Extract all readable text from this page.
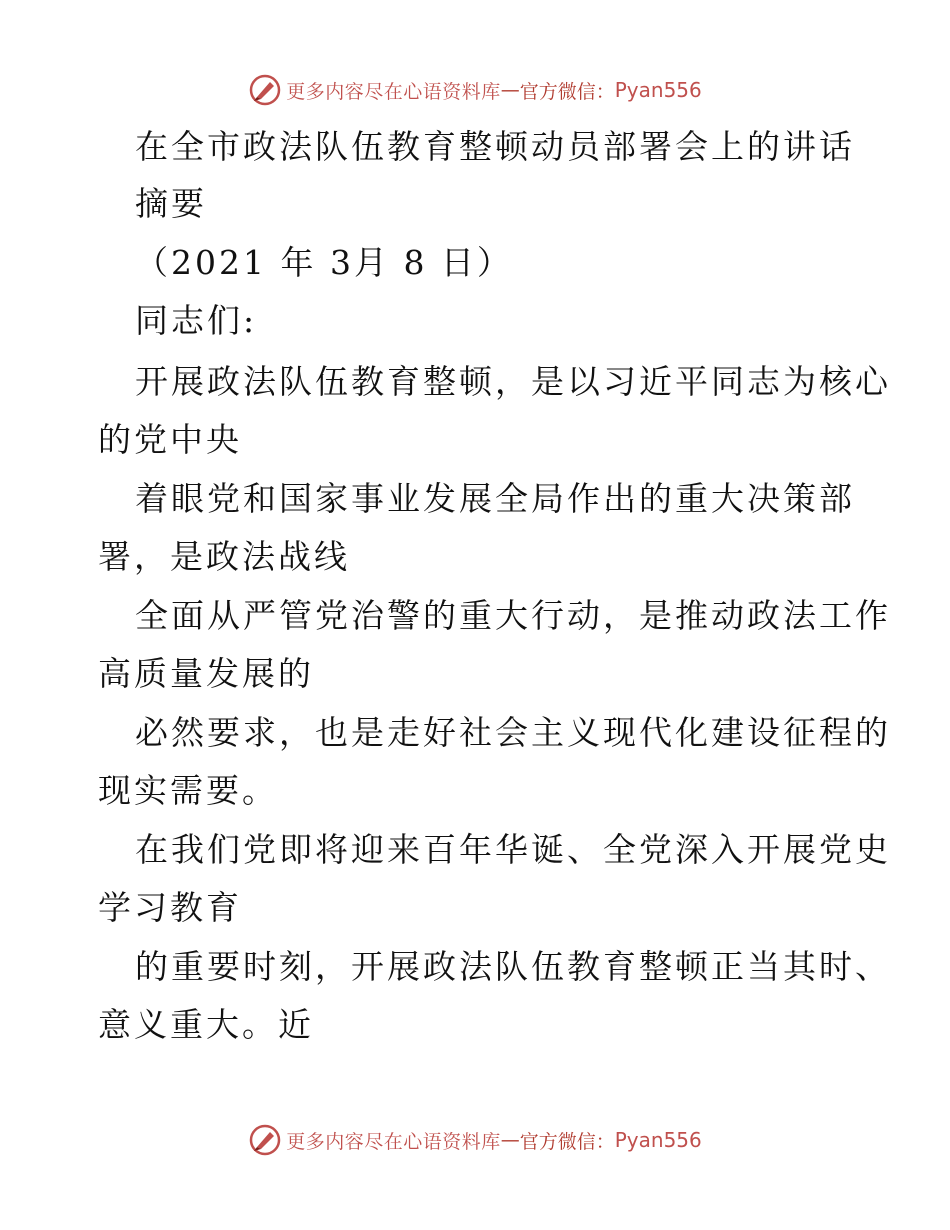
更多内容尽在心语资料库 — 官方微信： Pyan556
在全市政法队伍教育整顿动员部署会上的讲话
摘要
（2021 年 3月 8 日）
同志们:
开展政法队伍教育整顿，是以习近平同志为核心
的党中央
着眼党和国家事业发展全局作出的重大决策部
署，是政法战线
全面从严管党治警的重大行动，是推动政法工作
高质量发展的
必然要求，也是走好社会主义现代化建设征程的
现实需要。
在我们党即将迎来百年华诞、全党深入开展党史
学习教育
的重要时刻，开展政法队伍教育整顿正当其时、
意义重大。近
更多内容尽在心语资料库 — 官方微信： Pyan556
